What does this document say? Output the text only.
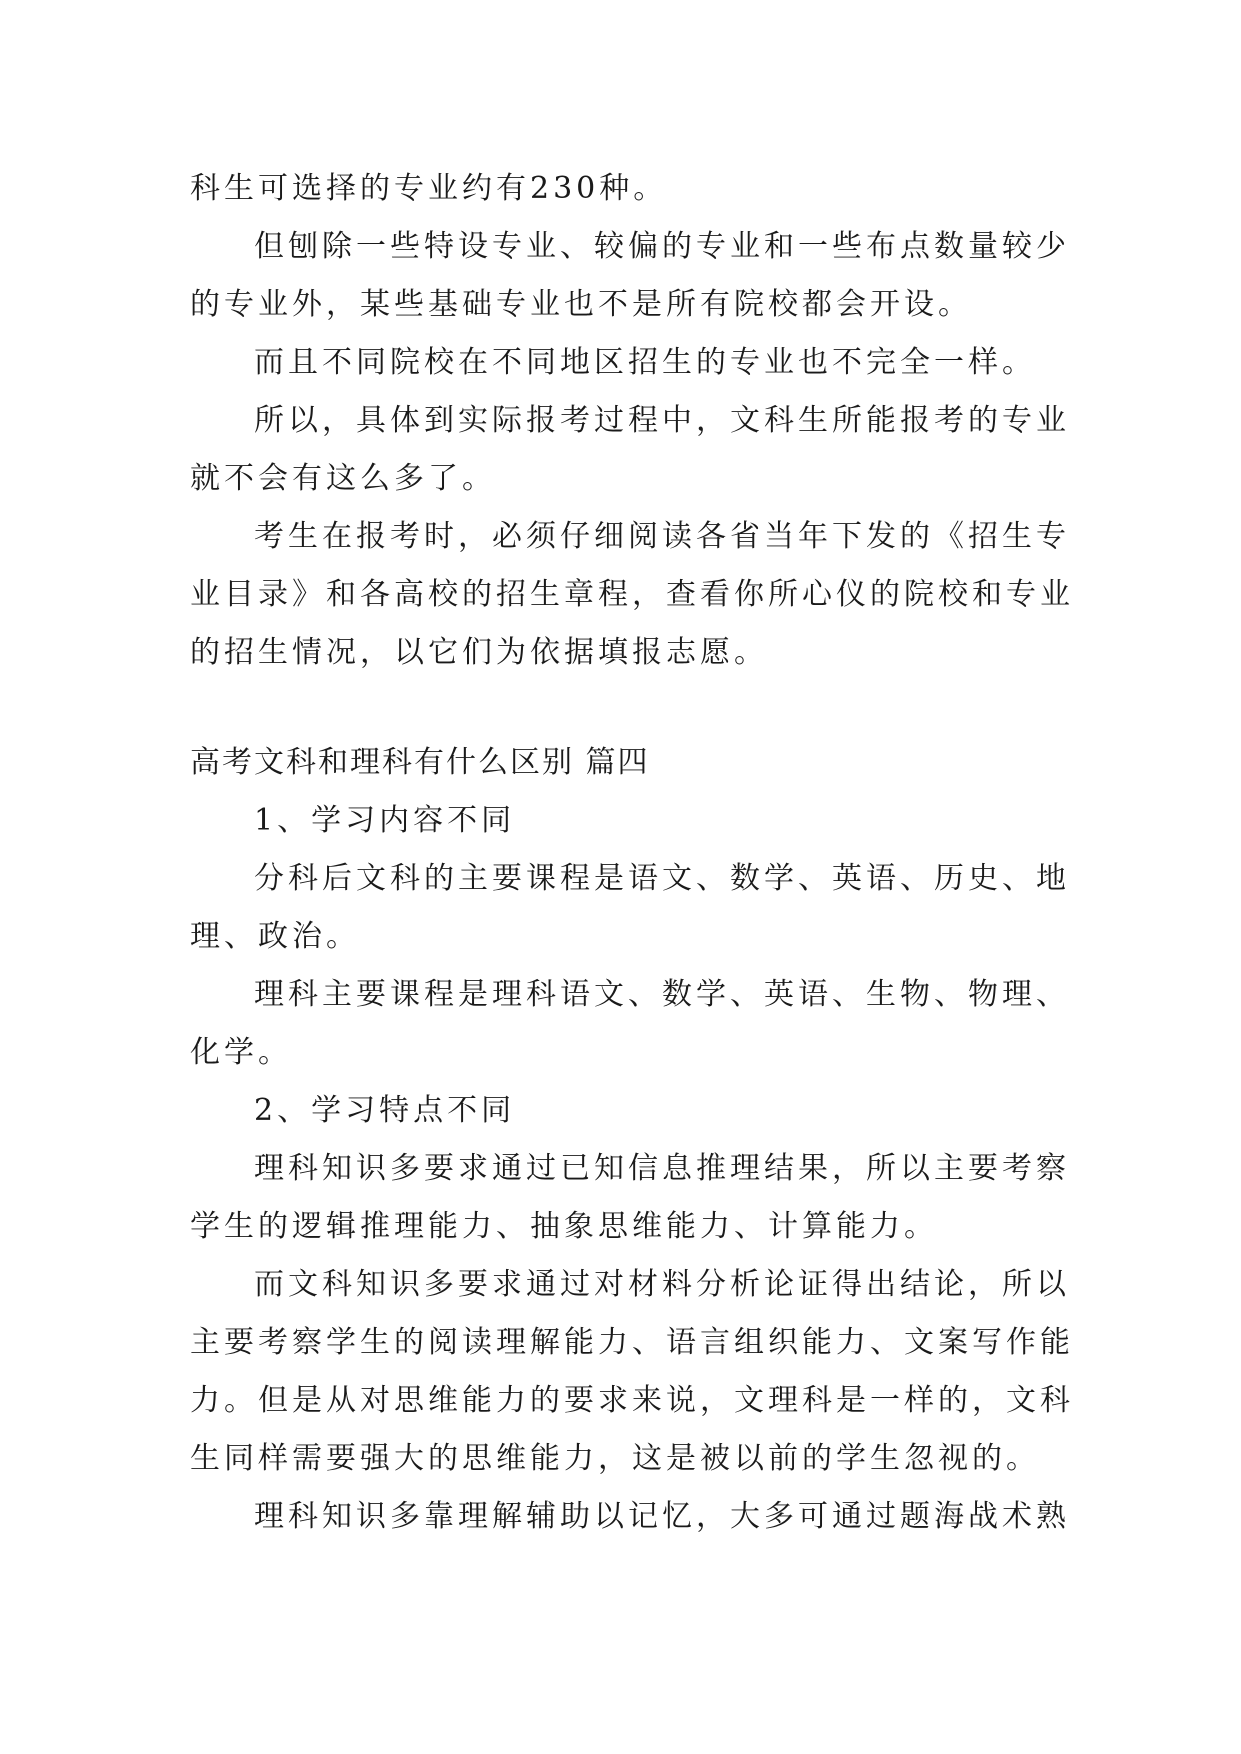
科生可选择的专业约有230种。
但刨除一些特设专业、较偏的专业和一些布点数量较少
的专业外，某些基础专业也不是所有院校都会开设。
而且不同院校在不同地区招生的专业也不完全一样。
所以，具体到实际报考过程中，文科生所能报考的专业
就不会有这么多了。
考生在报考时，必须仔细阅读各省当年下发的《招生专
业目录》和各高校的招生章程，查看你所心仪的院校和专业
的招生情况，以它们为依据填报志愿。
高考文科和理科有什么区别 篇四
1、学习内容不同
分科后文科的主要课程是语文、数学、英语、历史、地
理、政治。
理科主要课程是理科语文、数学、英语、生物、物理、
化学。
2、学习特点不同
理科知识多要求通过已知信息推理结果，所以主要考察
学生的逻辑推理能力、抽象思维能力、计算能力。
而文科知识多要求通过对材料分析论证得出结论，所以
主要考察学生的阅读理解能力、语言组织能力、文案写作能
力。但是从对思维能力的要求来说，文理科是一样的，文科
生同样需要强大的思维能力，这是被以前的学生忽视的。
理科知识多靠理解辅助以记忆，大多可通过题海战术熟
